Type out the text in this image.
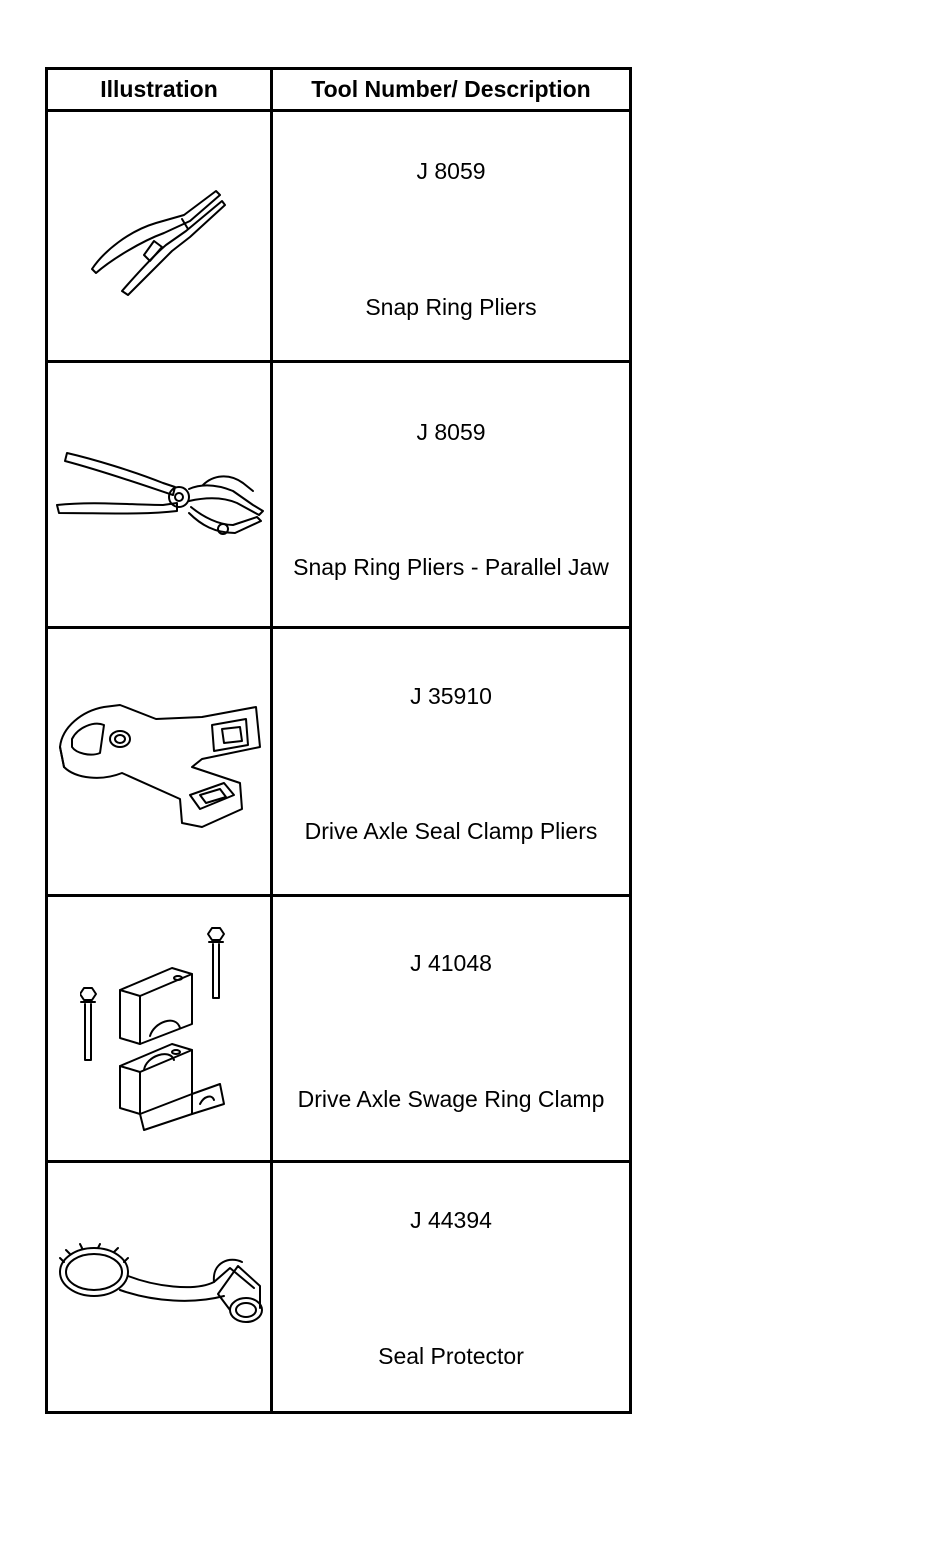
Illustration	Tool Number/ Description

J 8059
Snap Ring Pliers

J 8059
Snap Ring Pliers - Parallel Jaw

J 35910
Drive Axle Seal Clamp Pliers

J 41048
Drive Axle Swage Ring Clamp

J 44394
Seal Protector
